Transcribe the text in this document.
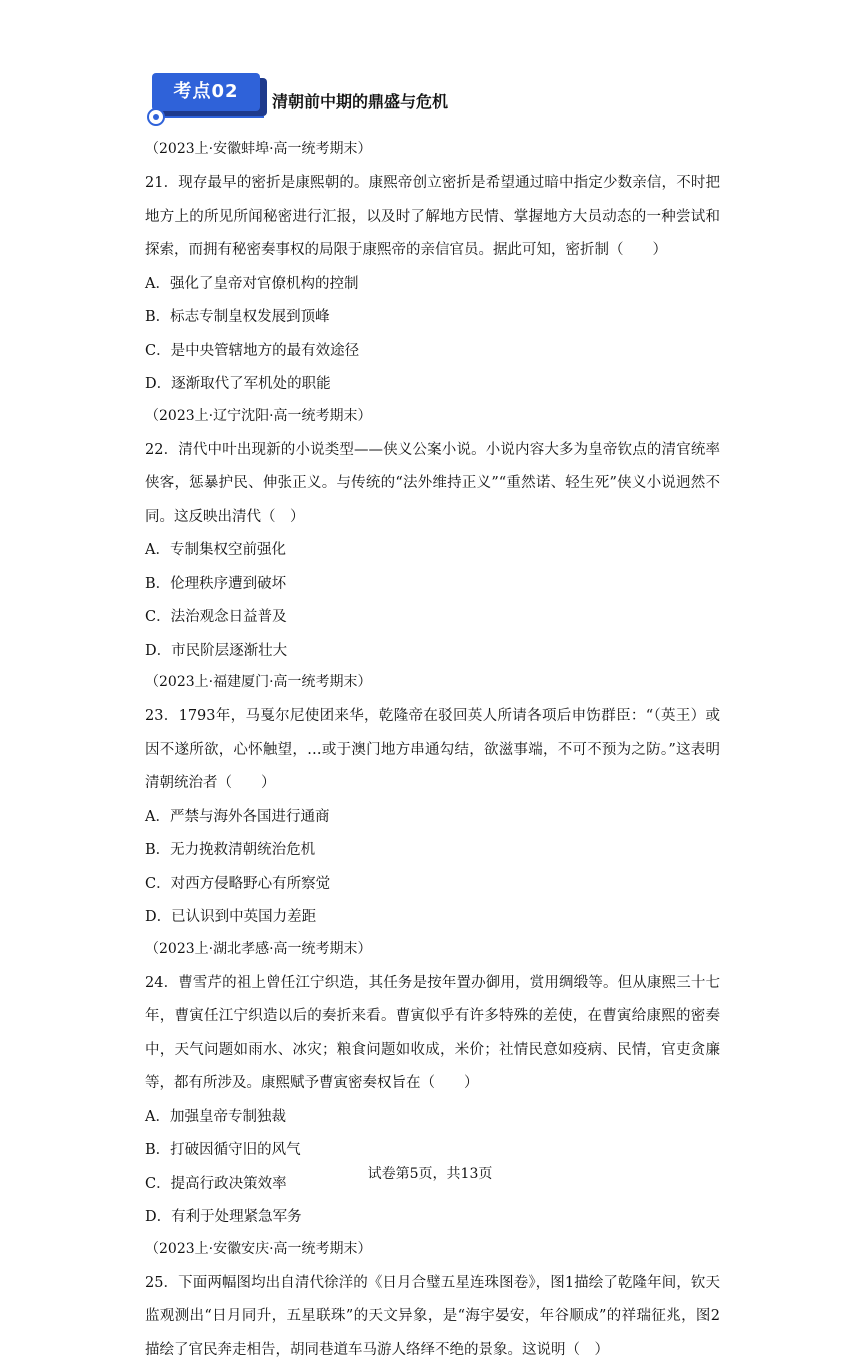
考点02	清朝前中期的鼎盛与危机

（2023上·安徽蚌埠·高一统考期末）

21．现存最早的密折是康熙朝的。康熙帝创立密折是希望通过暗中指定少数亲信，不时把地方上的所见所闻秘密进行汇报，以及时了解地方民情、掌握地方大员动态的一种尝试和探索，而拥有秘密奏事权的局限于康熙帝的亲信官员。据此可知，密折制（　　）

A． 强化了皇帝对官僚机构的控制
B． 标志专制皇权发展到顶峰
C． 是中央管辖地方的最有效途径
D． 逐渐取代了军机处的职能

（2023上·辽宁沈阳·高一统考期末）

22．清代中叶出现新的小说类型——侠义公案小说。小说内容大多为皇帝钦点的清官统率侠客，惩暴护民、伸张正义。与传统的“法外维持正义”“重然诺、轻生死”侠义小说迥然不同。这反映出清代（　）

A． 专制集权空前强化
B． 伦理秩序遭到破坏
C． 法治观念日益普及
D． 市民阶层逐渐壮大

（2023上·福建厦门·高一统考期末）

23．1793年，马戛尔尼使团来华，乾隆帝在驳回英人所请各项后申饬群臣：“（英王）或因不遂所欲，心怀触望，…或于澳门地方串通勾结，欲滋事端，不可不预为之防。”这表明清朝统治者（　　）

A． 严禁与海外各国进行通商
B． 无力挽救清朝统治危机
C． 对西方侵略野心有所察觉
D． 已认识到中英国力差距

（2023上·湖北孝感·高一统考期末）

24．曹雪芹的祖上曾任江宁织造，其任务是按年置办御用，赏用绸缎等。但从康熙三十七年，曹寅任江宁织造以后的奏折来看。曹寅似乎有许多特殊的差使，在曹寅给康熙的密奏中，天气问题如雨水、冰灾；粮食问题如收成，米价；社情民意如疫病、民情，官吏贪廉等，都有所涉及。康熙赋予曹寅密奏权旨在（　　）

A． 加强皇帝专制独裁
B． 打破因循守旧的风气
C． 提高行政决策效率
D． 有利于处理紧急军务

（2023上·安徽安庆·高一统考期末）

25．下面两幅图均出自清代徐洋的《日月合璧五星连珠图卷》，图1描绘了乾隆年间，钦天监观测出“日月同升，五星联珠”的天文异象，是“海宇晏安，年谷顺成”的祥瑞征兆，图2描绘了官民奔走相告，胡同巷道车马游人络绎不绝的景象。这说明（　）

试卷第5页，共13页
